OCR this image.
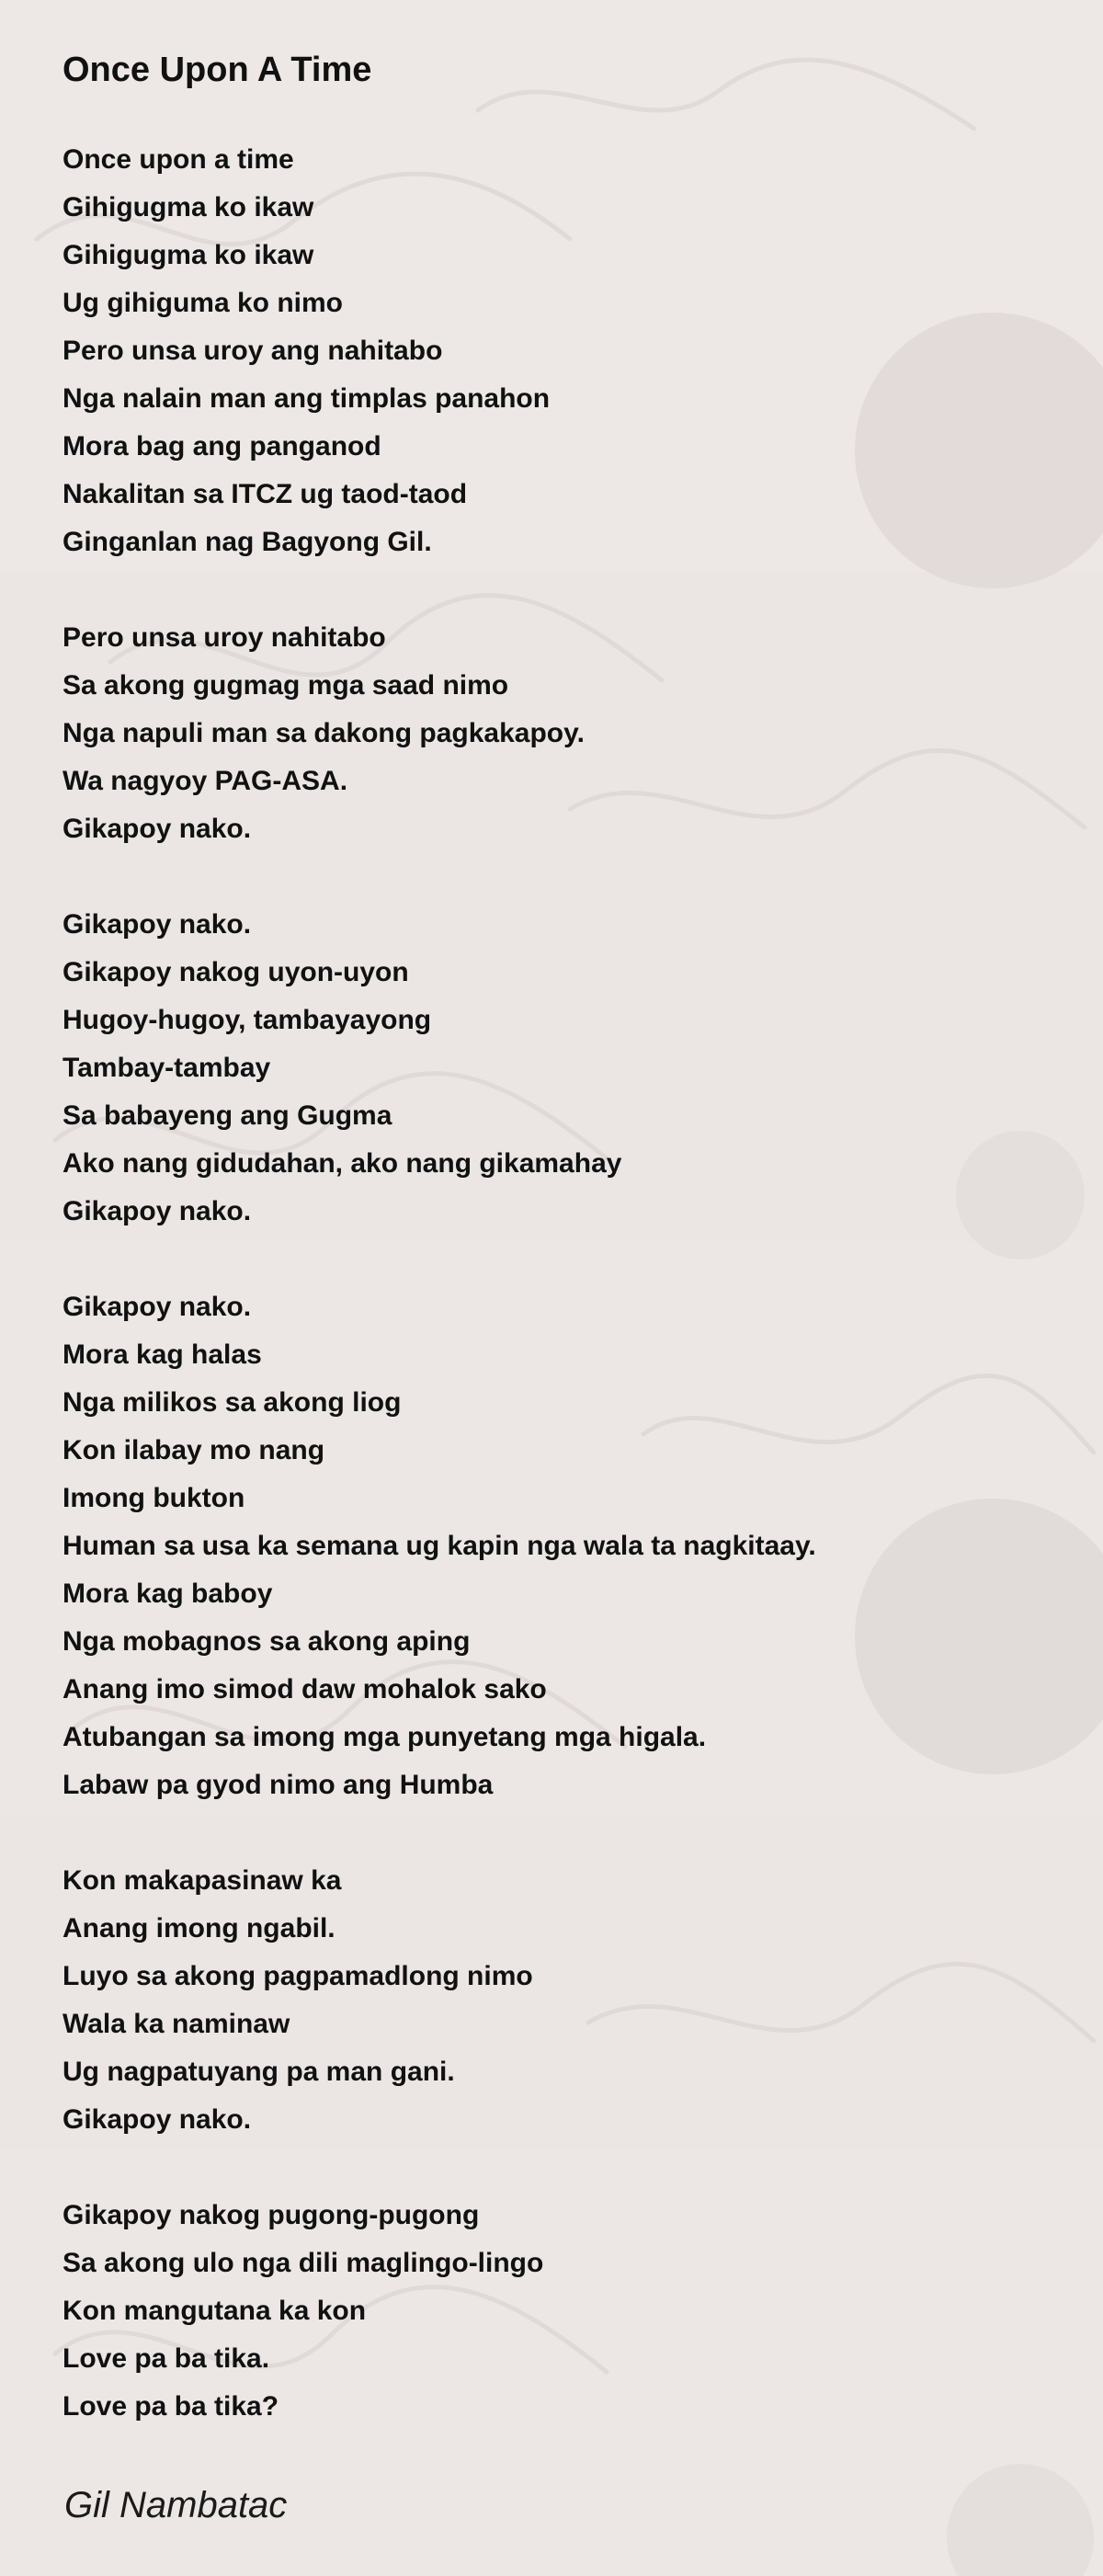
Once Upon A Time
Once upon a time
Gihigugma ko ikaw
Gihigugma ko ikaw
Ug gihiguma ko nimo
Pero unsa uroy ang nahitabo
Nga nalain man ang timplas panahon
Mora bag ang panganod
Nakalitan sa ITCZ ug taod-taod
Ginganlan nag Bagyong Gil.
Pero unsa uroy nahitabo
Sa akong gugmag mga saad nimo
Nga napuli man sa dakong pagkakapoy.
Wa nagyoy PAG-ASA.
Gikapoy nako.
Gikapoy nako.
Gikapoy nakog uyon-uyon
Hugoy-hugoy, tambayayong
Tambay-tambay
Sa babayeng ang Gugma
Ako nang gidudahan, ako nang gikamahay
Gikapoy nako.
Gikapoy nako.
Mora kag halas
Nga milikos sa akong liog
Kon ilabay mo nang
Imong bukton
Human sa usa ka semana ug kapin nga wala ta nagkitaay.
Mora kag baboy
Nga mobagnos sa akong aping
Anang imo simod daw mohalok sako
Atubangan sa imong mga punyetang mga higala.
Labaw pa gyod nimo ang Humba
Kon makapasinaw ka
Anang imong ngabil.
Luyo sa akong pagpamadlong nimo
Wala ka naminaw
Ug nagpatuyang pa man gani.
Gikapoy nako.
Gikapoy nakog pugong-pugong
Sa akong ulo nga dili maglingo-lingo
Kon mangutana ka kon
Love pa ba tika.
Love pa ba tika?
Gil Nambatac
